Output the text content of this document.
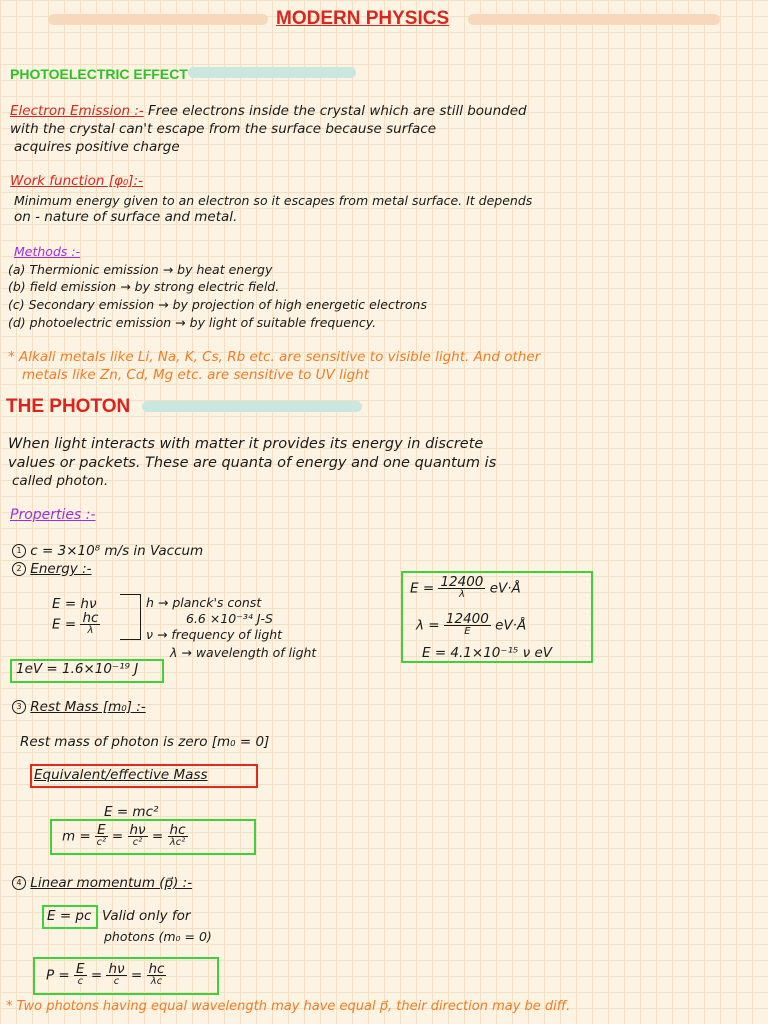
MODERN PHYSICS
PHOTOELECTRIC EFFECT
Electron Emission :- Free electrons inside the crystal which are still bounded
with the crystal can't escape from the surface because surface
acquires positive charge
Work function [φ₀]:-
Minimum energy given to an electron so it escapes from metal surface. It depends
on - nature of surface and metal.
Methods :-
(a) Thermionic emission → by heat energy
(b) field emission → by strong electric field.
(c) Secondary emission → by projection of high energetic electrons
(d) photoelectric emission → by light of suitable frequency.
* Alkali metals like Li, Na, K, Cs, Rb etc. are sensitive to visible light. And other
metals like Zn, Cd, Mg etc. are sensitive to UV light
THE PHOTON
When light interacts with matter it provides its energy in discrete
values or packets. These are quanta of energy and one quantum is
called photon.
Properties :-
1 c = 3×10⁸ m/s in Vaccum
2 Energy :-
E = hν
$E = \frac{hc}{\lambda}$
h → planck's const
6.6 ×10⁻³⁴ J-S
ν → frequency of light
λ → wavelength of light
1eV = 1.6×10⁻¹⁹ J
$E = \frac{12400}{\lambda}$ eV·Å
$\lambda = \frac{12400}{E}$ eV·Å
E = 4.1×10⁻¹⁵ ν eV
3 Rest Mass [m₀] :-
Rest mass of photon is zero [m₀ = 0]
Equivalent/effective Mass
E = mc²
$m = \frac{E}{\text{c²}} = \frac{h\nu}{\text{c²}} = \frac{hc}{\text{λc²}}$
4 Linear momentum (p⃗) :-
E = pc Valid only for
photons (m₀ = 0)
$P = \frac{E}{c} = \frac{h\nu}{c} = \frac{hc}{\lambda c}$
* Two photons having equal wavelength may have equal p⃗, their direction may be diff.
